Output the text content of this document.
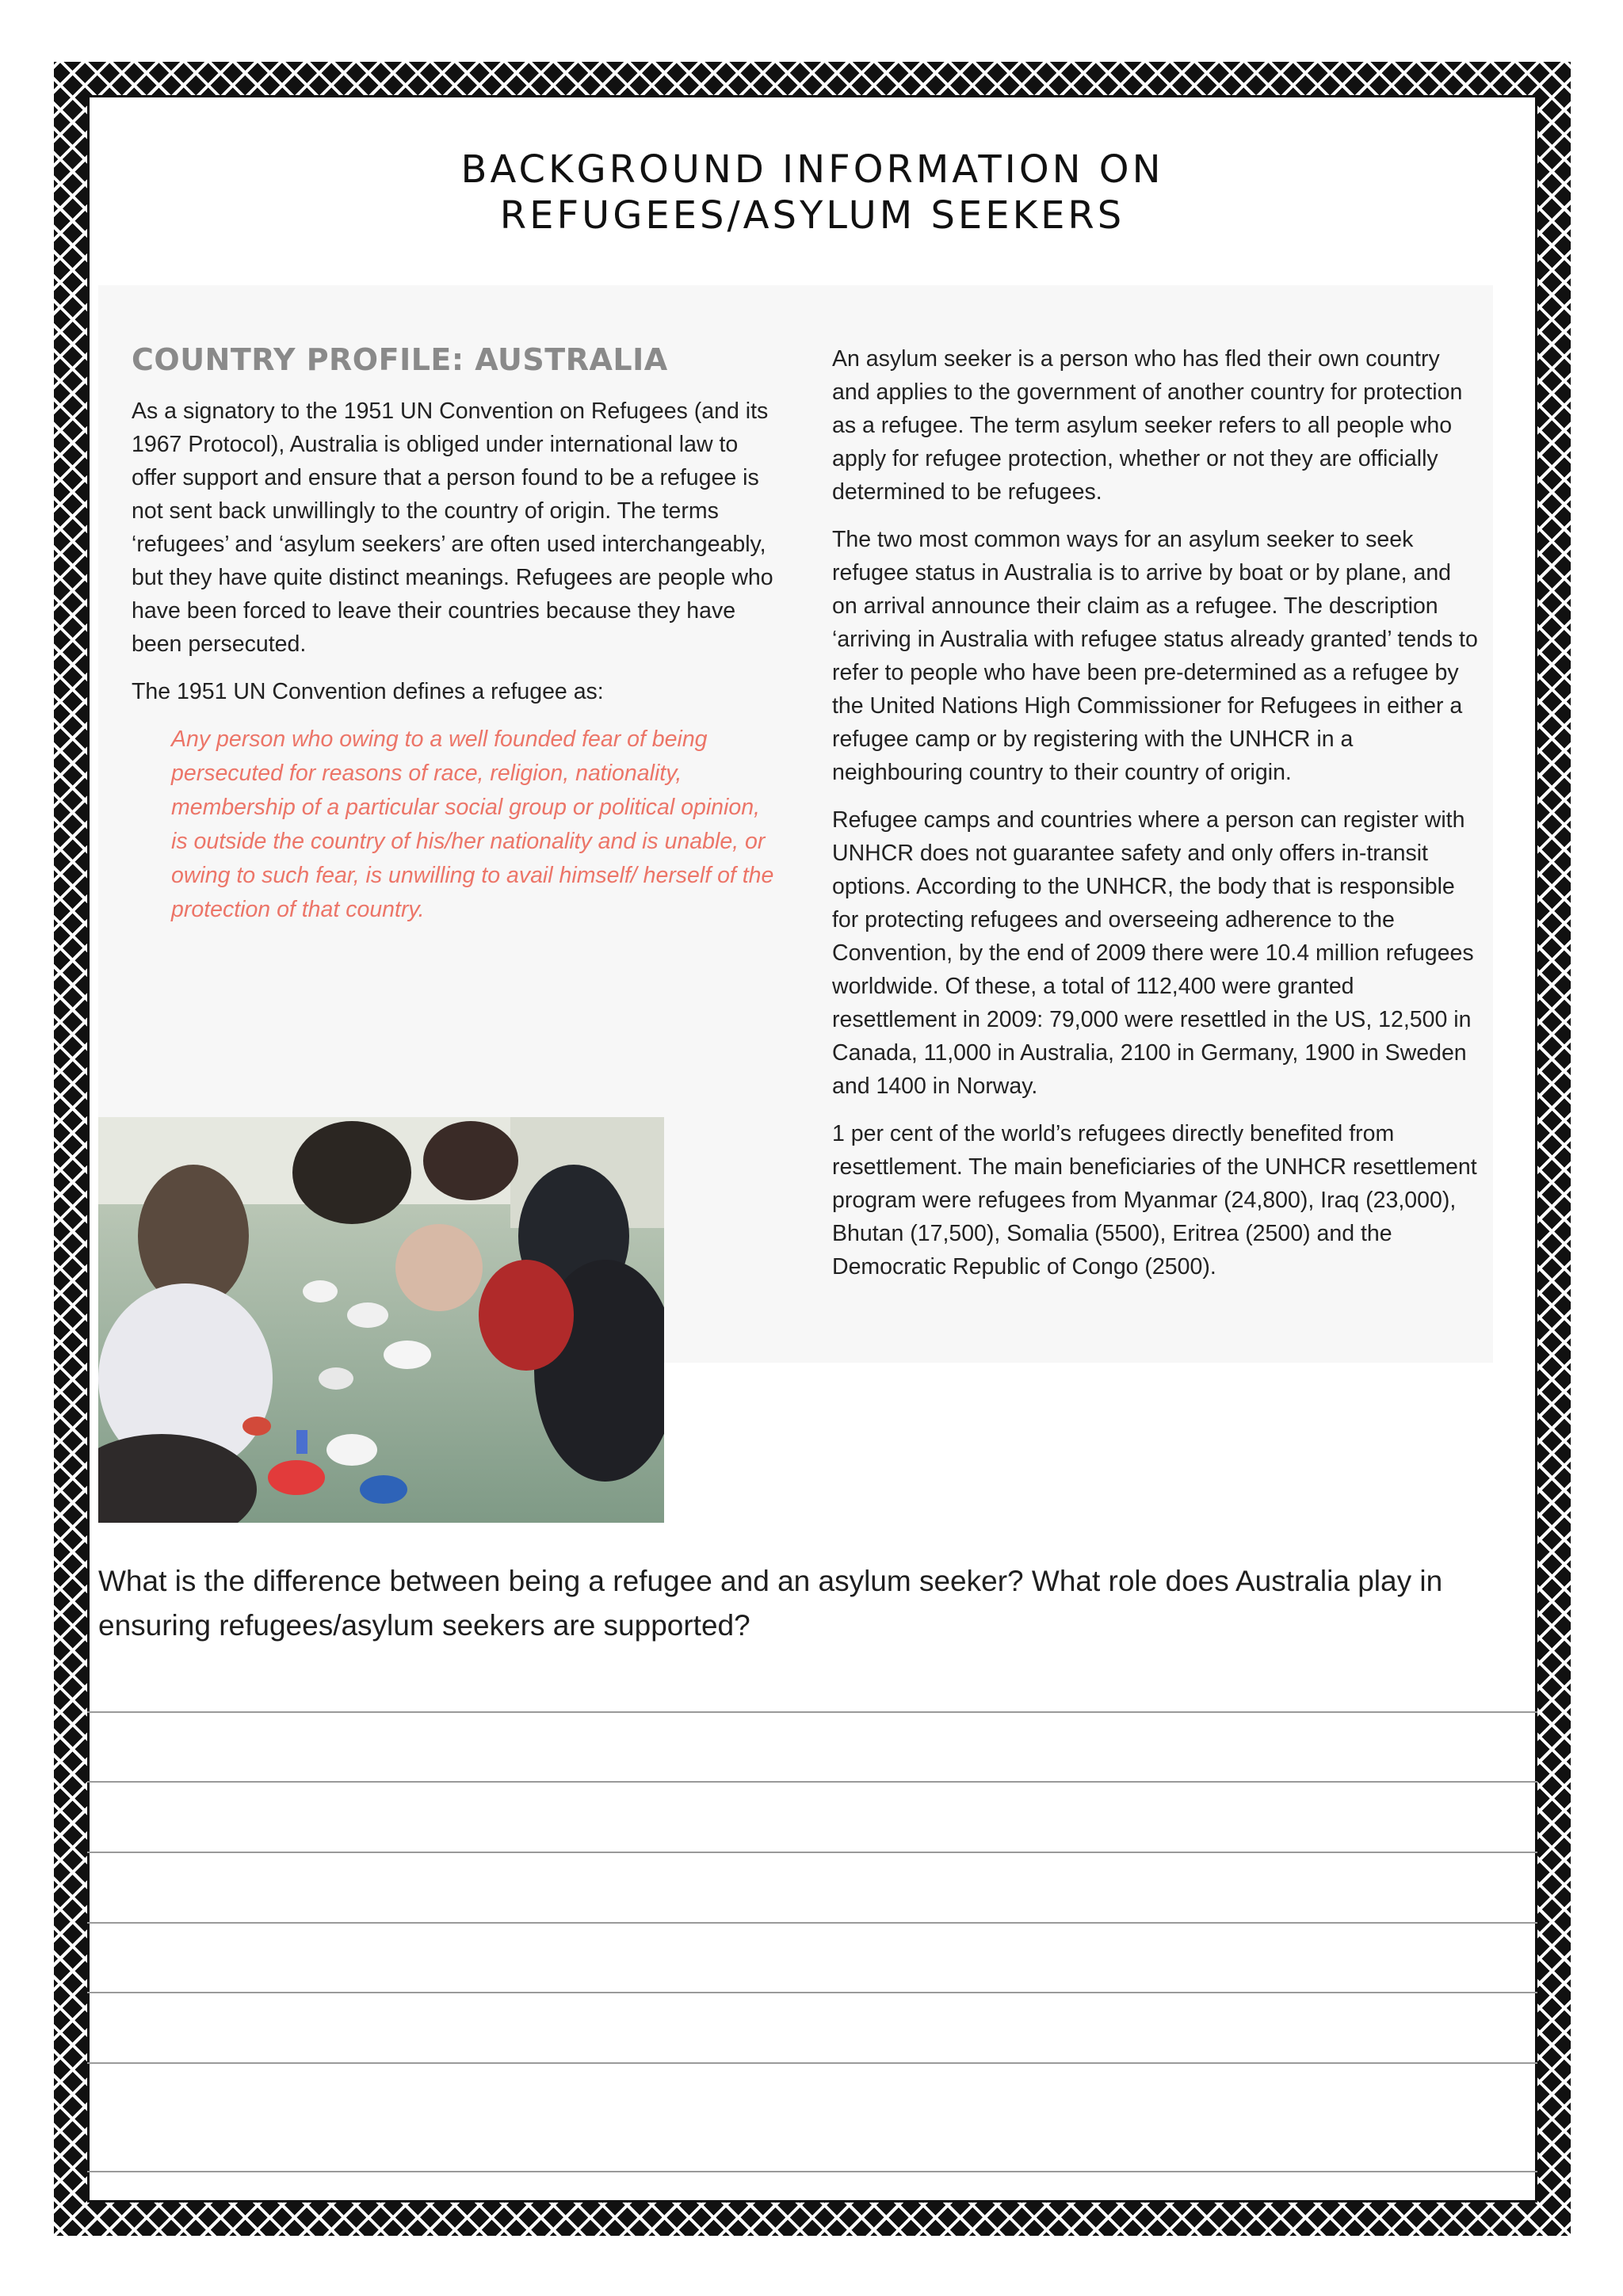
BACKGROUND INFORMATION ON
REFUGEES/ASYLUM SEEKERS
COUNTRY PROFILE: AUSTRALIA

As a signatory to the 1951 UN Convention on Refugees (and its 1967 Protocol), Australia is obliged under international law to offer support and ensure that a person found to be a refugee is not sent back unwillingly to the country of origin. The terms ‘refugees’ and ‘asylum seekers’ are often used interchangeably, but they have quite distinct meanings. Refugees are people who have been forced to leave their countries because they have been persecuted.

The 1951 UN Convention defines a refugee as:

Any person who owing to a well founded fear of being persecuted for reasons of race, religion, nationality, membership of a particular social group or political opinion, is outside the country of his/her nationality and is unable, or owing to such fear, is unwilling to avail himself/ herself of the protection of that country.

An asylum seeker is a person who has fled their own country and applies to the government of another country for protection as a refugee. The term asylum seeker refers to all people who apply for refugee protection, whether or not they are officially determined to be refugees.

The two most common ways for an asylum seeker to seek refugee status in Australia is to arrive by boat or by plane, and on arrival announce their claim as a refugee. The description ‘arriving in Australia with refugee status already granted’ tends to refer to people who have been pre-determined as a refugee by the United Nations High Commissioner for Refugees in either a refugee camp or by registering with the UNHCR in a neighbouring country to their country of origin.

Refugee camps and countries where a person can register with UNHCR does not guarantee safety and only offers in-transit options. According to the UNHCR, the body that is responsible for protecting refugees and overseeing adherence to the Convention, by the end of 2009 there were 10.4 million refugees worldwide. Of these, a total of 112,400 were granted resettlement in 2009: 79,000 were resettled in the US, 12,500 in Canada, 11,000 in Australia, 2100 in Germany, 1900 in Sweden and 1400 in Norway.

1 per cent of the world’s refugees directly benefited from resettlement. The main beneficiaries of the UNHCR resettlement program were refugees from Myanmar (24,800), Iraq (23,000), Bhutan (17,500), Somalia (5500), Eritrea (2500) and the Democratic Republic of Congo (2500).

What is the difference between being a refugee and an asylum seeker? What role does Australia play in ensuring refugees/asylum seekers are supported?
